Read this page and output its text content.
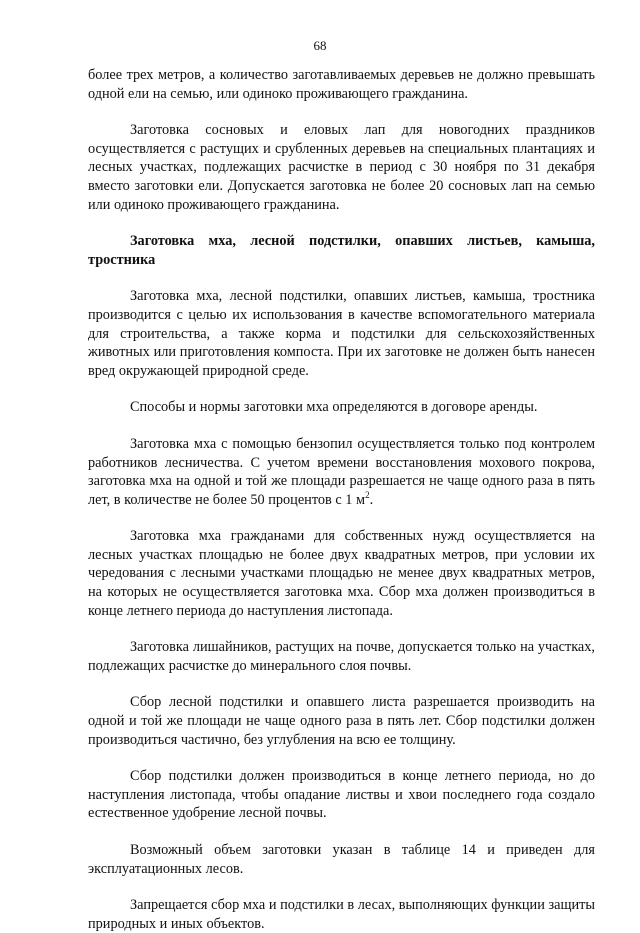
68

более трех метров, а количество заготавливаемых деревьев не должно превышать одной ели на семью, или одиноко проживающего гражданина.

Заготовка сосновых и еловых лап для новогодних праздников осуществляется с растущих и срубленных деревьев на специальных плантациях и лесных участках, подлежащих расчистке в период с 30 ноября по 31 декабря вместо заготовки ели. Допускается заготовка не более 20 сосновых лап на семью или одиноко проживающего гражданина.

Заготовка мха, лесной подстилки, опавших листьев, камыша, тростника

Заготовка мха, лесной подстилки, опавших листьев, камыша, тростника производится с целью их использования в качестве вспомогательного материала для строительства, а также корма и подстилки для сельскохозяйственных животных или приготовления компоста. При их заготовке не должен быть нанесен вред окружающей природной среде.

Способы и нормы заготовки мха определяются в договоре аренды.

Заготовка мха с помощью бензопил осуществляется только под контролем работников лесничества. С учетом времени восстановления мохового покрова, заготовка мха на одной и той же площади разрешается не чаще одного раза в пять лет, в количестве не более 50 процентов с 1 $м^2$.

Заготовка мха гражданами для собственных нужд осуществляется на лесных участках площадью не более двух квадратных метров, при условии их чередования с лесными участками площадью не менее двух квадратных метров, на которых не осуществляется заготовка мха. Сбор мха должен производиться в конце летнего периода до наступления листопада.

Заготовка лишайников, растущих на почве, допускается только на участках, подлежащих расчистке до минерального слоя почвы.

Сбор лесной подстилки и опавшего листа разрешается производить на одной и той же площади не чаще одного раза в пять лет. Сбор подстилки должен производиться частично, без углубления на всю ее толщину.

Сбор подстилки должен производиться в конце летнего периода, но до наступления листопада, чтобы опадание листвы и хвои последнего года создало естественное удобрение лесной почвы.

Возможный объем заготовки указан в таблице 14 и приведен для эксплуатационных лесов.

Запрещается сбор мха и подстилки в лесах, выполняющих функции защиты природных и иных объектов.
